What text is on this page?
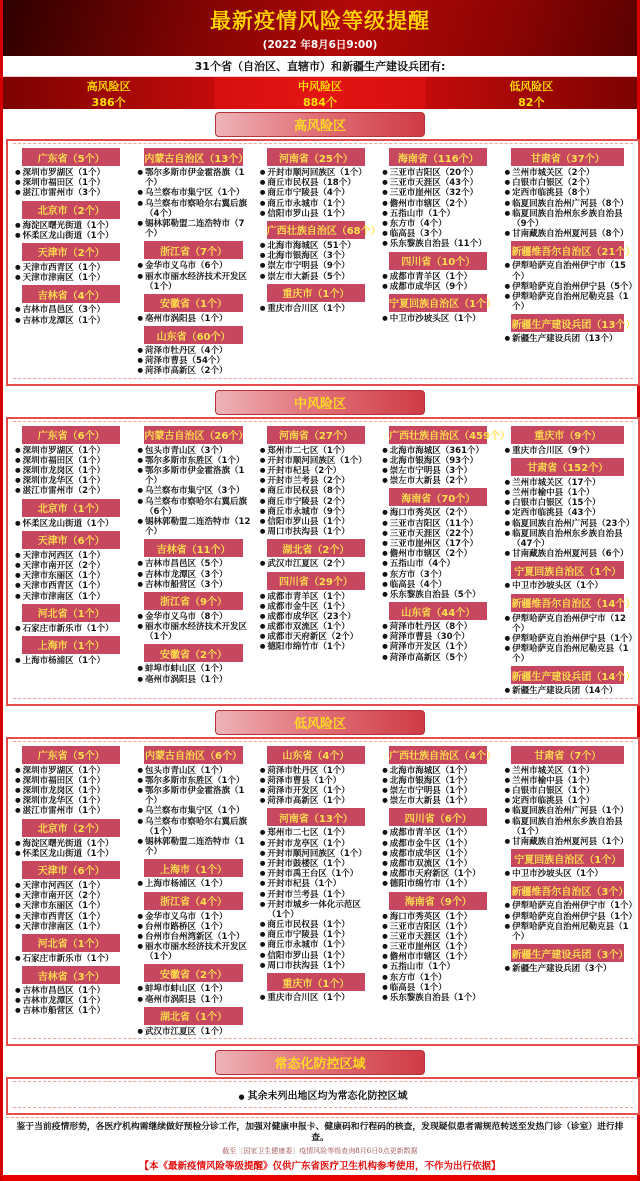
最新疫情风险等级提醒
(2022 年8月6日9:00)
31个省（自治区、直辖市）和新疆生产建设兵团有:
高风险区
386个
中风险区
884个
低风险区
82个
高风险区
广东省（5个）
● 深圳市罗湖区（1个）
● 深圳市福田区（1个）
● 湛江市雷州市（3个）
北京市（2个）
● 海淀区曙光街道（1个）
● 怀柔区龙山街道（1个）
天津市（2个）
● 天津市西青区（1个）
● 天津市津南区（1个）
吉林省（4个）
● 吉林市昌邑区（3个）
● 吉林市龙潭区（1个）
内蒙古自治区（13个）
● 鄂尔多斯市伊金霍洛旗（1个）
● 乌兰察布市集宁区（1个）
● 乌兰察布市察哈尔右翼后旗（4个）
● 锡林郭勒盟二连浩特市（7个）
浙江省（7个）
● 金华市义乌市（6个）
● 丽水市丽水经济技术开发区（1个）
安徽省（1个）
● 亳州市涡阳县（1个）
山东省（60个）
● 菏泽市牡丹区（4个）
● 菏泽市曹县（54个）
● 菏泽市高新区（2个）
河南省（25个）
● 开封市顺河回族区（1个）
● 商丘市民权县（18个）
● 商丘市宁陵县（4个）
● 商丘市永城市（1个）
● 信阳市罗山县（1个）
广西壮族自治区（68个）
● 北海市海城区（51个）
● 北海市银海区（3个）
● 崇左市宁明县（9个）
● 崇左市大新县（5个）
重庆市（1个）
● 重庆市合川区（1个）
海南省（116个）
● 三亚市吉阳区（20个）
● 三亚市天涯区（43个）
● 三亚市崖州区（32个）
● 儋州市市辖区（2个）
● 五指山市（1个）
● 东方市（4个）
● 临高县（3个）
● 乐东黎族自治县（11个）
四川省（10个）
● 成都市青羊区（1个）
● 成都市成华区（9个）
宁夏回族自治区（1个）
● 中卫市沙坡头区（1个）
甘肃省（37个）
● 兰州市城关区（2个）
● 白银市白银区（2个）
● 定西市临洮县（8个）
● 临夏回族自治州广河县（8个）
● 临夏回族自治州东乡族自治县（9个）
● 甘南藏族自治州夏河县（8个）
新疆维吾尔自治区（21个）
● 伊犁哈萨克自治州伊宁市（15个）
● 伊犁哈萨克自治州伊宁县（5个）
● 伊犁哈萨克自治州尼勒克县（1个）
新疆生产建设兵团（13个）
● 新疆生产建设兵团（13个）
中风险区
广东省（6个）
● 深圳市罗湖区（1个）
● 深圳市福田区（1个）
● 深圳市龙岗区（1个）
● 深圳市龙华区（1个）
● 湛江市雷州市（2个）
北京市（1个）
● 怀柔区龙山街道（1个）
天津市（6个）
● 天津市河西区（1个）
● 天津市南开区（2个）
● 天津市东丽区（1个）
● 天津市西青区（1个）
● 天津市津南区（1个）
河北省（1个）
● 石家庄市新乐市（1个）
上海市（1个）
● 上海市杨浦区（1个）
内蒙古自治区（26个）
● 包头市青山区（3个）
● 鄂尔多斯市东胜区（1个）
● 鄂尔多斯市伊金霍洛旗（1个）
● 乌兰察布市集宁区（3个）
● 乌兰察布市察哈尔右翼后旗（6个）
● 锡林郭勒盟二连浩特市（12个）
吉林省（11个）
● 吉林市昌邑区（5个）
● 吉林市龙潭区（3个）
● 吉林市船营区（3个）
浙江省（9个）
● 金华市义乌市（8个）
● 丽水市丽水经济技术开发区（1个）
安徽省（2个）
● 蚌埠市蚌山区（1个）
● 亳州市涡阳县（1个）
河南省（27个）
● 郑州市二七区（1个）
● 开封市顺河回族区（1个）
● 开封市杞县（2个）
● 开封市兰考县（2个）
● 商丘市民权县（8个）
● 商丘市宁陵县（2个）
● 商丘市永城市（9个）
● 信阳市罗山县（1个）
● 周口市扶沟县（1个）
湖北省（2个）
● 武汉市江夏区（2个）
四川省（29个）
● 成都市青羊区（1个）
● 成都市金牛区（1个）
● 成都市成华区（23个）
● 成都市双流区（1个）
● 成都市天府新区（2个）
● 德阳市绵竹市（1个）
广西壮族自治区（459个）
● 北海市海城区（361个）
● 北海市银海区（93个）
● 崇左市宁明县（3个）
● 崇左市大新县（2个）
海南省（70个）
● 海口市秀英区（2个）
● 三亚市吉阳区（11个）
● 三亚市天涯区（22个）
● 三亚市崖州区（17个）
● 儋州市市辖区（2个）
● 五指山市（4个）
● 东方市（3个）
● 临高县（4个）
● 乐东黎族自治县（5个）
山东省（44个）
● 菏泽市牡丹区（8个）
● 菏泽市曹县（30个）
● 菏泽市开发区（1个）
● 菏泽市高新区（5个）
重庆市（9个）
● 重庆市合川区（9个）
甘肃省（152个）
● 兰州市城关区（17个）
● 兰州市榆中县（1个）
● 白银市白银区（15个）
● 定西市临洮县（43个）
● 临夏回族自治州广河县（23个）
● 临夏回族自治州东乡族自治县（47个）
● 甘南藏族自治州夏河县（6个）
宁夏回族自治区（1个）
● 中卫市沙坡头区（1个）
新疆维吾尔自治区（14个）
● 伊犁哈萨克自治州伊宁市（12个）
● 伊犁哈萨克自治州伊宁县（1个）
● 伊犁哈萨克自治州尼勒克县（1个）
新疆生产建设兵团（14个）
● 新疆生产建设兵团（14个）
低风险区
广东省（5个）
● 深圳市罗湖区（1个）
● 深圳市福田区（1个）
● 深圳市龙岗区（1个）
● 深圳市龙华区（1个）
● 湛江市雷州市（1个）
北京市（2个）
● 海淀区曙光街道（1个）
● 怀柔区龙山街道（1个）
天津市（6个）
● 天津市河西区（1个）
● 天津市南开区（2个）
● 天津市东丽区（1个）
● 天津市西青区（1个）
● 天津市津南区（1个）
河北省（1个）
● 石家庄市新乐市（1个）
吉林省（3个）
● 吉林市昌邑区（1个）
● 吉林市龙潭区（1个）
● 吉林市船营区（1个）
内蒙古自治区（6个）
● 包头市青山区（1个）
● 鄂尔多斯市东胜区（1个）
● 鄂尔多斯市伊金霍洛旗（1个）
● 乌兰察布市集宁区（1个）
● 乌兰察布市察哈尔右翼后旗（1个）
● 锡林郭勒盟二连浩特市（1个）
上海市（1个）
● 上海市杨浦区（1个）
浙江省（4个）
● 金华市义乌市（1个）
● 台州市路桥区（1个）
● 台州市台州湾新区（1个）
● 丽水市丽水经济技术开发区（1个）
安徽省（2个）
● 蚌埠市蚌山区（1个）
● 亳州市涡阳县（1个）
湖北省（1个）
● 武汉市江夏区（1个）
山东省（4个）
● 菏泽市牡丹区（1个）
● 菏泽市曹县（1个）
● 菏泽市开发区（1个）
● 菏泽市高新区（1个）
河南省（13个）
● 郑州市二七区（1个）
● 开封市龙亭区（1个）
● 开封市顺河回族区（1个）
● 开封市鼓楼区（1个）
● 开封市禹王台区（1个）
● 开封市杞县（1个）
● 开封市兰考县（1个）
● 开封市城乡一体化示范区（1个）
● 商丘市民权县（1个）
● 商丘市宁陵县（1个）
● 商丘市永城市（1个）
● 信阳市罗山县（1个）
● 周口市扶沟县（1个）
重庆市（1个）
● 重庆市合川区（1个）
广西壮族自治区（4个）
● 北海市海城区（1个）
● 北海市银海区（1个）
● 崇左市宁明县（1个）
● 崇左市大新县（1个）
四川省（6个）
● 成都市青羊区（1个）
● 成都市金牛区（1个）
● 成都市成华区（1个）
● 成都市双流区（1个）
● 成都市天府新区（1个）
● 德阳市绵竹市（1个）
海南省（9个）
● 海口市秀英区（1个）
● 三亚市吉阳区（1个）
● 三亚市天涯区（1个）
● 三亚市崖州区（1个）
● 儋州市市辖区（1个）
● 五指山市（1个）
● 东方市（1个）
● 临高县（1个）
● 乐东黎族自治县（1个）
甘肃省（7个）
● 兰州市城关区（1个）
● 兰州市榆中县（1个）
● 白银市白银区（1个）
● 定西市临洮县（1个）
● 临夏回族自治州广河县（1个）
● 临夏回族自治州东乡族自治县（1个）
● 甘南藏族自治州夏河县（1个）
宁夏回族自治区（1个）
● 中卫市沙坡头区（1个）
新疆维吾尔自治区（3个）
● 伊犁哈萨克自治州伊宁市（1个）
● 伊犁哈萨克自治州伊宁县（1个）
● 伊犁哈萨克自治州尼勒克县（1个）
新疆生产建设兵团（3个）
● 新疆生产建设兵团（3个）
常态化防控区域
● 其余未列出地区均为常态化防控区域
鉴于当前疫情形势，各医疗机构需继续做好预检分诊工作，加强对健康申报卡、健康码和行程码的核查，发现疑似患者需规范转送至发热门诊（诊室）进行排查。
截至〔国家卫生健康委〕疫情风险等级查询8月6日0点更新数据
【本《最新疫情风险等级提醒》仅供广东省医疗卫生机构参考使用，不作为出行依据】
